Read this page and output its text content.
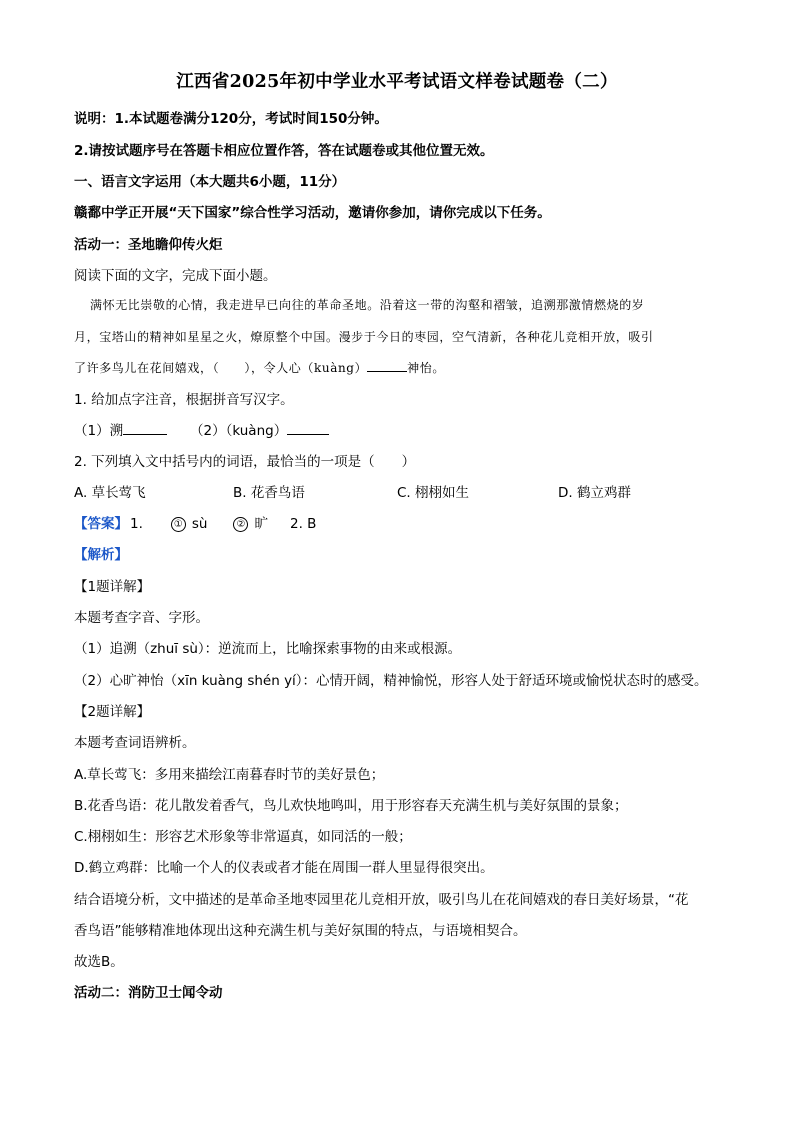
江西省2025年初中学业水平考试语文样卷试题卷（二）
说明：1.本试题卷满分120分，考试时间150分钟。
2.请按试题序号在答题卡相应位置作答，答在试题卷或其他位置无效。
一、语言文字运用（本大题共6小题，11分）
赣鄱中学正开展“天下国家”综合性学习活动，邀请你参加，请你完成以下任务。
活动一：圣地瞻仰传火炬
阅读下面的文字，完成下面小题。
满怀无比崇敬的心情，我走进早已向往的革命圣地。沿着这一带的沟壑和褶皱，追溯那激情燃烧的岁
月，宝塔山的精神如星星之火，燎原整个中国。漫步于今日的枣园，空气清新，各种花儿竞相开放，吸引
了许多鸟儿在花间嬉戏，（　　），令人心（kuàng）	神怡。
1. 给加点字注音，根据拼音写汉字。
（1）溯	（2）（kuàng）
2. 下列填入文中括号内的词语，最恰当的一项是（　　）
A. 草长莺飞	B. 花香鸟语	C. 栩栩如生	D. 鹤立鸡群
【答案】 1.	① sù	② 旷 2. B
【解析】
【1题详解】
本题考查字音、字形。
（1）追溯（zhuī sù）：逆流而上，比喻探索事物的由来或根源。
（2）心旷神怡（xīn kuàng shén yí）：心情开阔，精神愉悦，形容人处于舒适环境或愉悦状态时的感受。
【2题详解】
本题考查词语辨析。
A.草长莺飞：多用来描绘江南暮春时节的美好景色；
B.花香鸟语：花儿散发着香气，鸟儿欢快地鸣叫，用于形容春天充满生机与美好氛围的景象；
C.栩栩如生：形容艺术形象等非常逼真，如同活的一般；
D.鹤立鸡群：比喻一个人的仪表或者才能在周围一群人里显得很突出。
结合语境分析，文中描述的是革命圣地枣园里花儿竞相开放，吸引鸟儿在花间嬉戏的春日美好场景，“花
香鸟语”能够精准地体现出这种充满生机与美好氛围的特点，与语境相契合。
故选B。
活动二：消防卫士闻令动
